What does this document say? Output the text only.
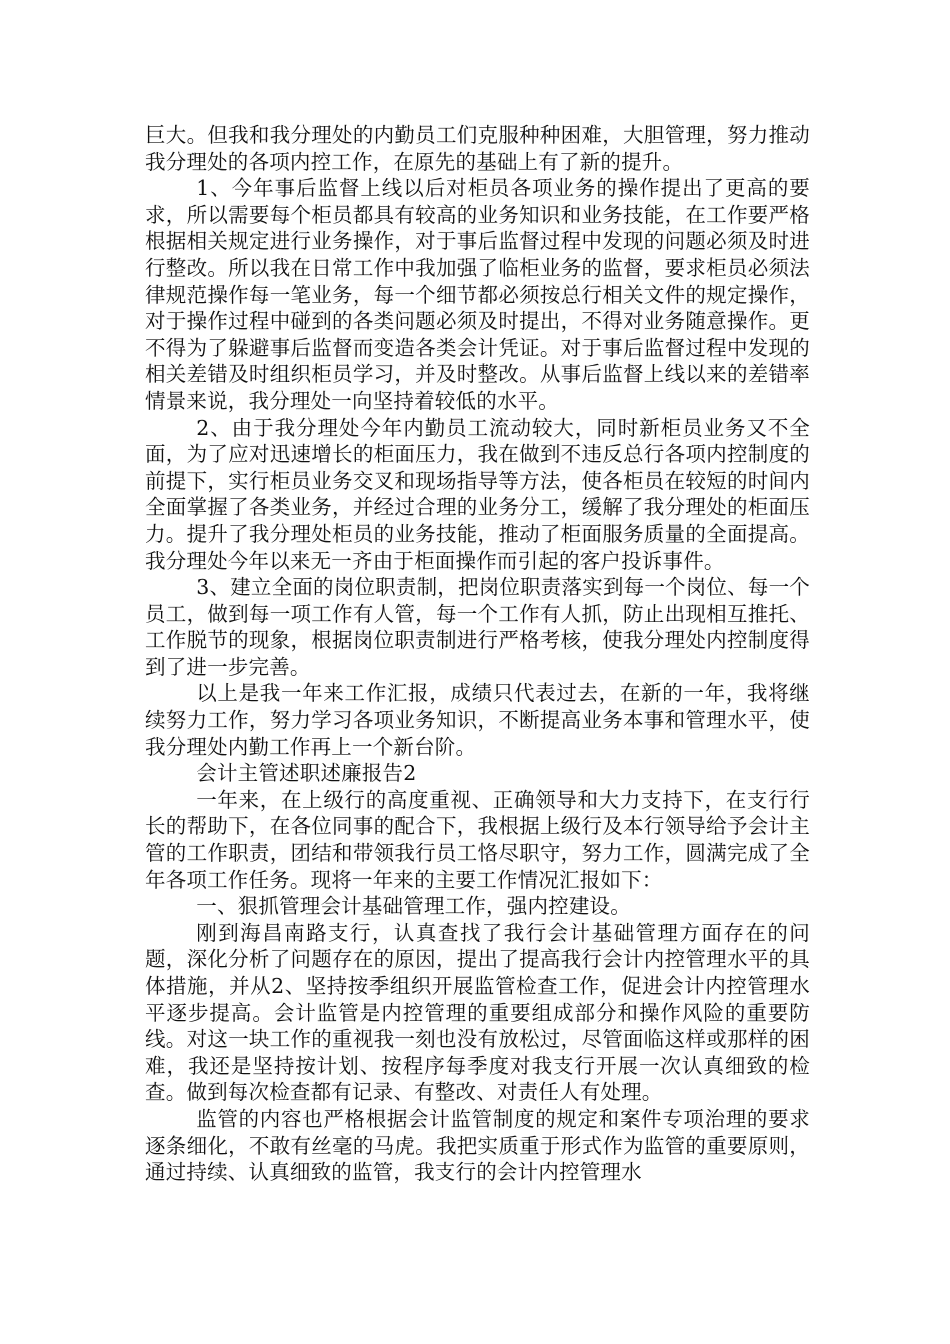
巨大。但我和我分理处的内勤员工们克服种种困难，大胆管理，努力推动我分理处的各项内控工作，在原先的基础上有了新的提升。

1、今年事后监督上线以后对柜员各项业务的操作提出了更高的要求，所以需要每个柜员都具有较高的业务知识和业务技能，在工作要严格根据相关规定进行业务操作，对于事后监督过程中发现的问题必须及时进行整改。所以我在日常工作中我加强了临柜业务的监督，要求柜员必须法律规范操作每一笔业务，每一个细节都必须按总行相关文件的规定操作，对于操作过程中碰到的各类问题必须及时提出，不得对业务随意操作。更不得为了躲避事后监督而变造各类会计凭证。对于事后监督过程中发现的相关差错及时组织柜员学习，并及时整改。从事后监督上线以来的差错率情景来说，我分理处一向坚持着较低的水平。

2、由于我分理处今年内勤员工流动较大，同时新柜员业务又不全面，为了应对迅速增长的柜面压力，我在做到不违反总行各项内控制度的前提下，实行柜员业务交叉和现场指导等方法，使各柜员在较短的时间内全面掌握了各类业务，并经过合理的业务分工，缓解了我分理处的柜面压力。提升了我分理处柜员的业务技能，推动了柜面服务质量的全面提高。我分理处今年以来无一齐由于柜面操作而引起的客户投诉事件。

3、建立全面的岗位职责制，把岗位职责落实到每一个岗位、每一个员工，做到每一项工作有人管，每一个工作有人抓，防止出现相互推托、工作脱节的现象，根据岗位职责制进行严格考核，使我分理处内控制度得到了进一步完善。

以上是我一年来工作汇报，成绩只代表过去，在新的一年，我将继续努力工作，努力学习各项业务知识，不断提高业务本事和管理水平，使我分理处内勤工作再上一个新台阶。

会计主管述职述廉报告2

一年来，在上级行的高度重视、正确领导和大力支持下，在支行行长的帮助下，在各位同事的配合下，我根据上级行及本行领导给予会计主管的工作职责，团结和带领我行员工恪尽职守，努力工作，圆满完成了全年各项工作任务。现将一年来的主要工作情况汇报如下：

一、狠抓管理会计基础管理工作，强内控建设。

刚到海昌南路支行，认真查找了我行会计基础管理方面存在的问题，深化分析了问题存在的原因，提出了提高我行会计内控管理水平的具体措施，并从2、坚持按季组织开展监管检查工作，促进会计内控管理水平逐步提高。会计监管是内控管理的重要组成部分和操作风险的重要防线。对这一块工作的重视我一刻也没有放松过，尽管面临这样或那样的困难，我还是坚持按计划、按程序每季度对我支行开展一次认真细致的检查。做到每次检查都有记录、有整改、对责任人有处理。

监管的内容也严格根据会计监管制度的规定和案件专项治理的要求逐条细化，不敢有丝毫的马虎。我把实质重于形式作为监管的重要原则，通过持续、认真细致的监管，我支行的会计内控管理水
